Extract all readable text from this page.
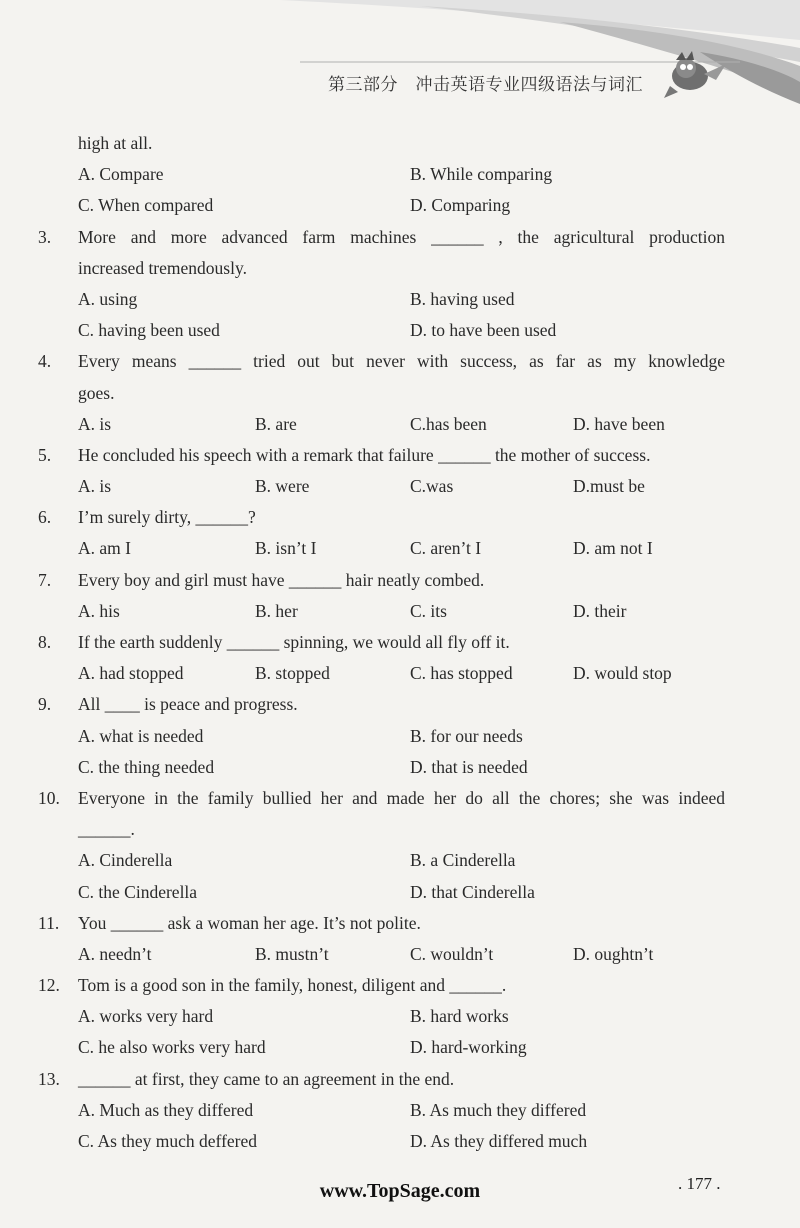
第三部分　冲击英语专业四级语法与词汇
high at all.
A. Compare	B. While comparing
C. When compared	D. Comparing
3. More and more advanced farm machines ______ , the agricultural production
increased tremendously.
A. using	B. having used
C. having been used	D. to have been used
4. Every means ______ tried out but never with success, as far as my knowledge
goes.
A. is	B. are	C.has been	D. have been
5. He concluded his speech with a remark that failure ______ the mother of success.
A. is	B. were	C.was	D.must be
6. I’m surely dirty, ______?
A. am I	B. isn’t I	C. aren’t I	D. am not I
7. Every boy and girl must have ______ hair neatly combed.
A. his	B. her	C. its	D. their
8. If the earth suddenly ______ spinning, we would all fly off it.
A. had stopped	B. stopped	C. has stopped	D. would stop
9. All ____ is peace and progress.
A. what is needed	B. for our needs
C. the thing needed	D. that is needed
10. Everyone in the family bullied her and made her do all the chores; she was indeed
______.
A. Cinderella	B. a Cinderella
C. the Cinderella	D. that Cinderella
11. You ______ ask a woman her age. It’s not polite.
A. needn’t	B. mustn’t	C. wouldn’t	D. oughtn’t
12. Tom is a good son in the family, honest, diligent and ______.
A. works very hard	B. hard works
C. he also works very hard	D. hard-working
13. ______ at first, they came to an agreement in the end.
A. Much as they differed	B. As much they differed
C. As they much deffered	D. As they differed much
www.TopSage.com	. 177 .
